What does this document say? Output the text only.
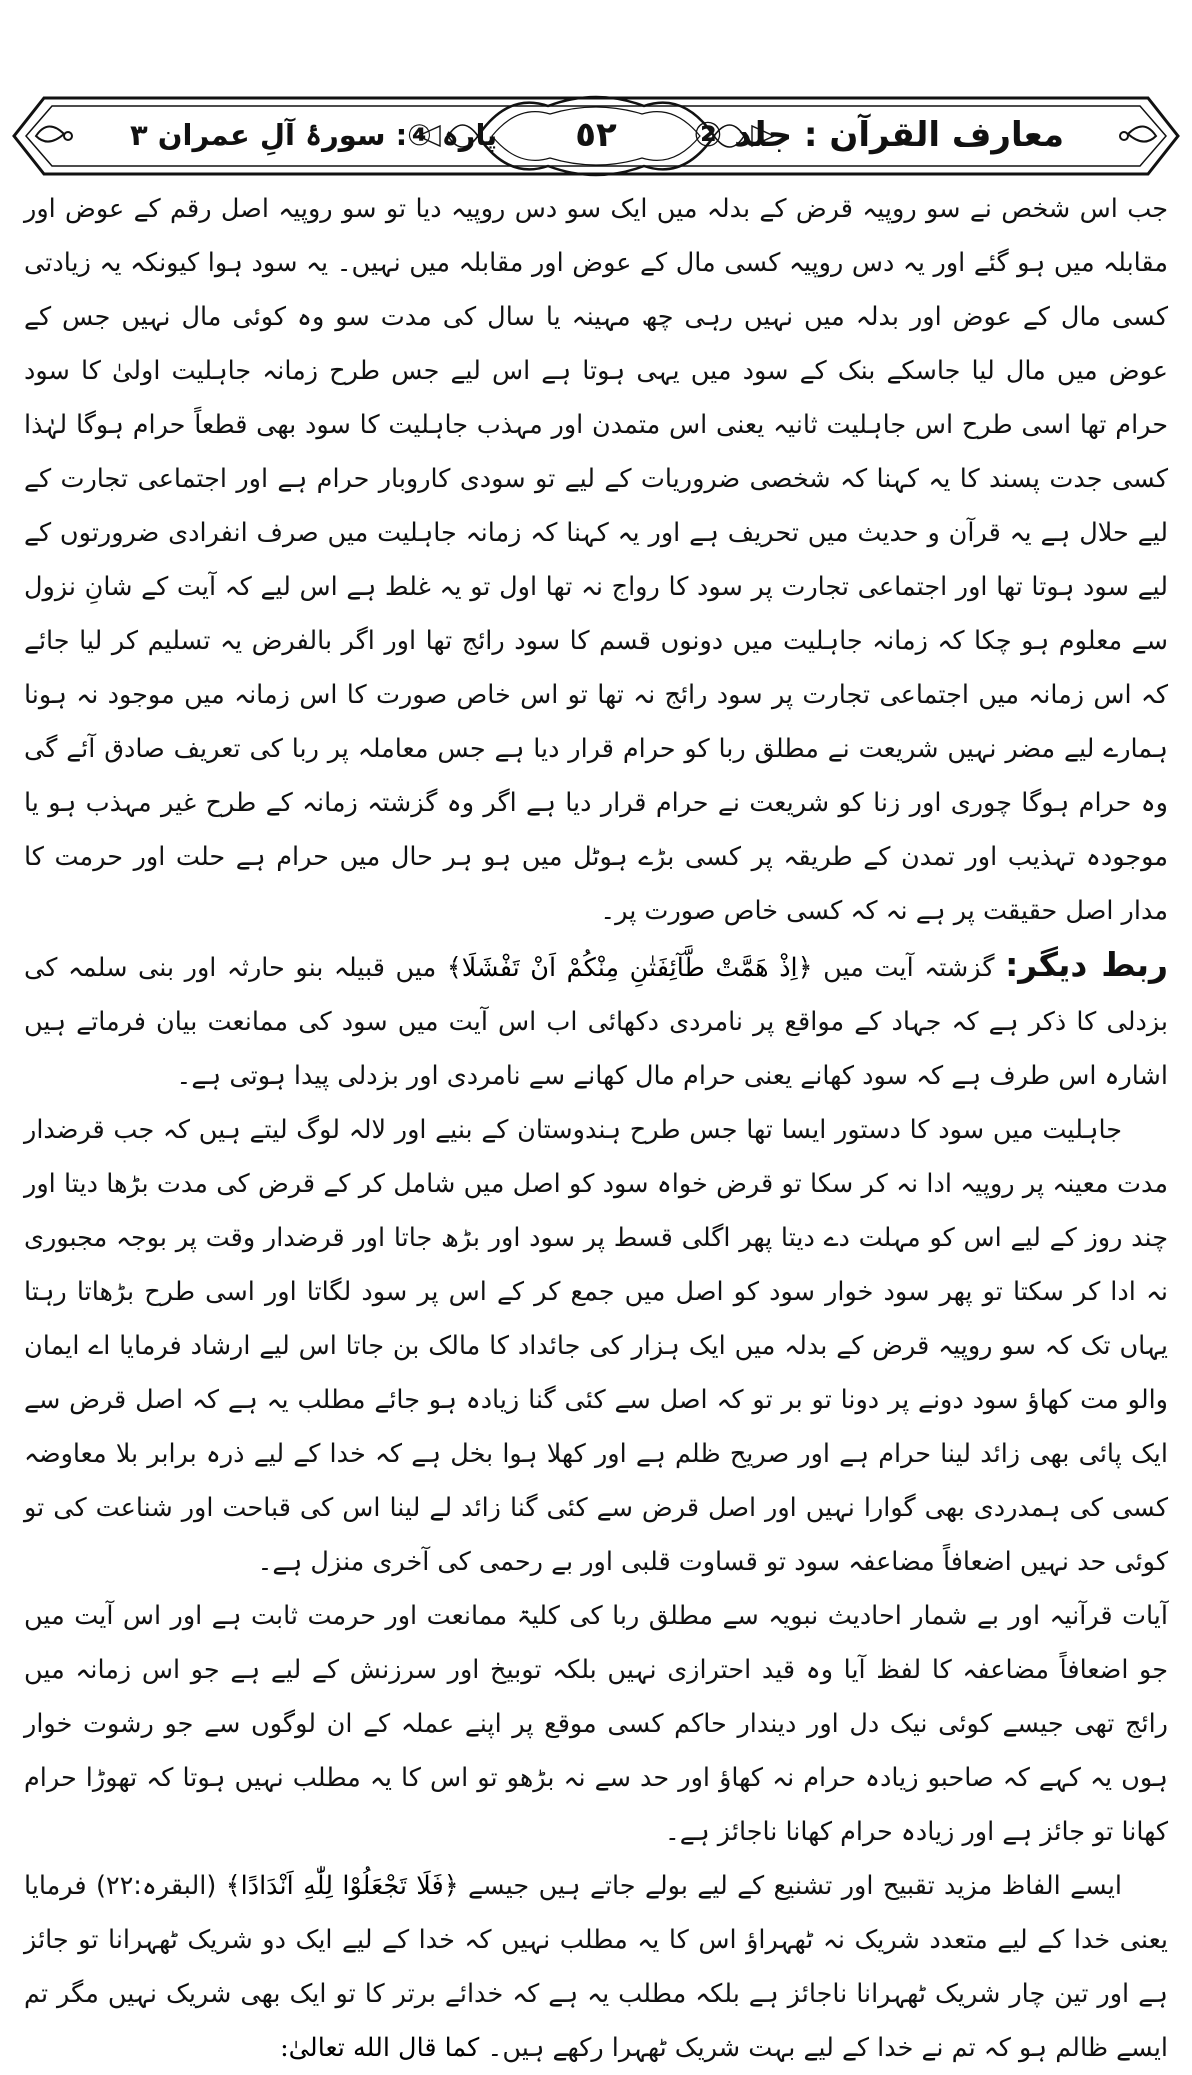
معارف القرآن : جلد ②
٥٢
پارہ ④: سورۂ آلِ عمران ٣

جب اس شخص نے سو روپیہ قرض کے بدلہ میں ایک سو دس روپیہ دیا تو سو روپیہ اصل رقم کے عوض اور مقابلہ میں ہو گئے اور یہ دس روپیہ کسی مال کے عوض اور مقابلہ میں نہیں۔ یہ سود ہوا کیونکہ یہ زیادتی کسی مال کے عوض اور بدلہ میں نہیں رہی چھ مہینہ یا سال کی مدت سو وہ کوئی مال نہیں جس کے عوض میں مال لیا جاسکے بنک کے سود میں یہی ہوتا ہے اس لیے جس طرح زمانہ جاہلیت اولیٰ کا سود حرام تھا اسی طرح اس جاہلیت ثانیہ یعنی اس متمدن اور مہذب جاہلیت کا سود بھی قطعاً حرام ہوگا لہٰذا کسی جدت پسند کا یہ کہنا کہ شخصی ضروریات کے لیے تو سودی کاروبار حرام ہے اور اجتماعی تجارت کے لیے حلال ہے یہ قرآن و حدیث میں تحریف ہے اور یہ کہنا کہ زمانہ جاہلیت میں صرف انفرادی ضرورتوں کے لیے سود ہوتا تھا اور اجتماعی تجارت پر سود کا رواج نہ تھا اول تو یہ غلط ہے اس لیے کہ آیت کے شانِ نزول سے معلوم ہو چکا کہ زمانہ جاہلیت میں دونوں قسم کا سود رائج تھا اور اگر بالفرض یہ تسلیم کر لیا جائے کہ اس زمانہ میں اجتماعی تجارت پر سود رائج نہ تھا تو اس خاص صورت کا اس زمانہ میں موجود نہ ہونا ہمارے لیے مضر نہیں شریعت نے مطلق ربا کو حرام قرار دیا ہے جس معاملہ پر ربا کی تعریف صادق آئے گی وہ حرام ہوگا چوری اور زنا کو شریعت نے حرام قرار دیا ہے اگر وہ گزشتہ زمانہ کے طرح غیر مہذب ہو یا موجودہ تہذیب اور تمدن کے طریقہ پر کسی بڑے ہوٹل میں ہو ہر حال میں حرام ہے حلت اور حرمت کا مدار اصل حقیقت پر ہے نہ کہ کسی خاص صورت پر۔

ربط دیگر: گزشتہ آیت میں ﴿اِذْ هَمَّتْ طَّآئِفَتٰنِ مِنْكُمْ اَنْ تَفْشَلَا﴾ میں قبیلہ بنو حارثہ اور بنی سلمہ کی بزدلی کا ذکر ہے کہ جہاد کے مواقع پر نامردی دکھائی اب اس آیت میں سود کی ممانعت بیان فرماتے ہیں اشارہ اس طرف ہے کہ سود کھانے یعنی حرام مال کھانے سے نامردی اور بزدلی پیدا ہوتی ہے۔

جاہلیت میں سود کا دستور ایسا تھا جس طرح ہندوستان کے بنیے اور لالہ لوگ لیتے ہیں کہ جب قرضدار مدت معینہ پر روپیہ ادا نہ کر سکا تو قرض خواہ سود کو اصل میں شامل کر کے قرض کی مدت بڑھا دیتا اور چند روز کے لیے اس کو مہلت دے دیتا پھر اگلی قسط پر سود اور بڑھ جاتا اور قرضدار وقت پر بوجہ مجبوری نہ ادا کر سکتا تو پھر سود خوار سود کو اصل میں جمع کر کے اس پر سود لگاتا اور اسی طرح بڑھاتا رہتا یہاں تک کہ سو روپیہ قرض کے بدلہ میں ایک ہزار کی جائداد کا مالک بن جاتا اس لیے ارشاد فرمایا اے ایمان والو مت کھاؤ سود دونے پر دونا تو بر تو کہ اصل سے کئی گنا زیادہ ہو جائے مطلب یہ ہے کہ اصل قرض سے ایک پائی بھی زائد لینا حرام ہے اور صریح ظلم ہے اور کھلا ہوا بخل ہے کہ خدا کے لیے ذرہ برابر بلا معاوضہ کسی کی ہمدردی بھی گوارا نہیں اور اصل قرض سے کئی گنا زائد لے لینا اس کی قباحت اور شناعت کی تو کوئی حد نہیں اضعافاً مضاعفہ سود تو قساوت قلبی اور بے رحمی کی آخری منزل ہے۔

آیات قرآنیہ اور بے شمار احادیث نبویہ سے مطلق ربا کی کلیۃ ممانعت اور حرمت ثابت ہے اور اس آیت میں جو اضعافاً مضاعفہ کا لفظ آیا وہ قید احترازی نہیں بلکہ توبیخ اور سرزنش کے لیے ہے جو اس زمانہ میں رائج تھی جیسے کوئی نیک دل اور دیندار حاکم کسی موقع پر اپنے عملہ کے ان لوگوں سے جو رشوت خوار ہوں یہ کہے کہ صاحبو زیادہ حرام نہ کھاؤ اور حد سے نہ بڑھو تو اس کا یہ مطلب نہیں ہوتا کہ تھوڑا حرام کھانا تو جائز ہے اور زیادہ حرام کھانا ناجائز ہے۔

ایسے الفاظ مزید تقبیح اور تشنیع کے لیے بولے جاتے ہیں جیسے ﴿فَلَا تَجْعَلُوْا لِلّٰهِ اَنْدَادًا﴾ (البقرہ:۲۲) فرمایا یعنی خدا کے لیے متعدد شریک نہ ٹھہراؤ اس کا یہ مطلب نہیں کہ خدا کے لیے ایک دو شریک ٹھہرانا تو جائز ہے اور تین چار شریک ٹھہرانا ناجائز ہے بلکہ مطلب یہ ہے کہ خدائے برتر کا تو ایک بھی شریک نہیں مگر تم ایسے ظالم ہو کہ تم نے خدا کے لیے بہت شریک ٹھہرا رکھے ہیں۔ كما قال الله تعالىٰ:
